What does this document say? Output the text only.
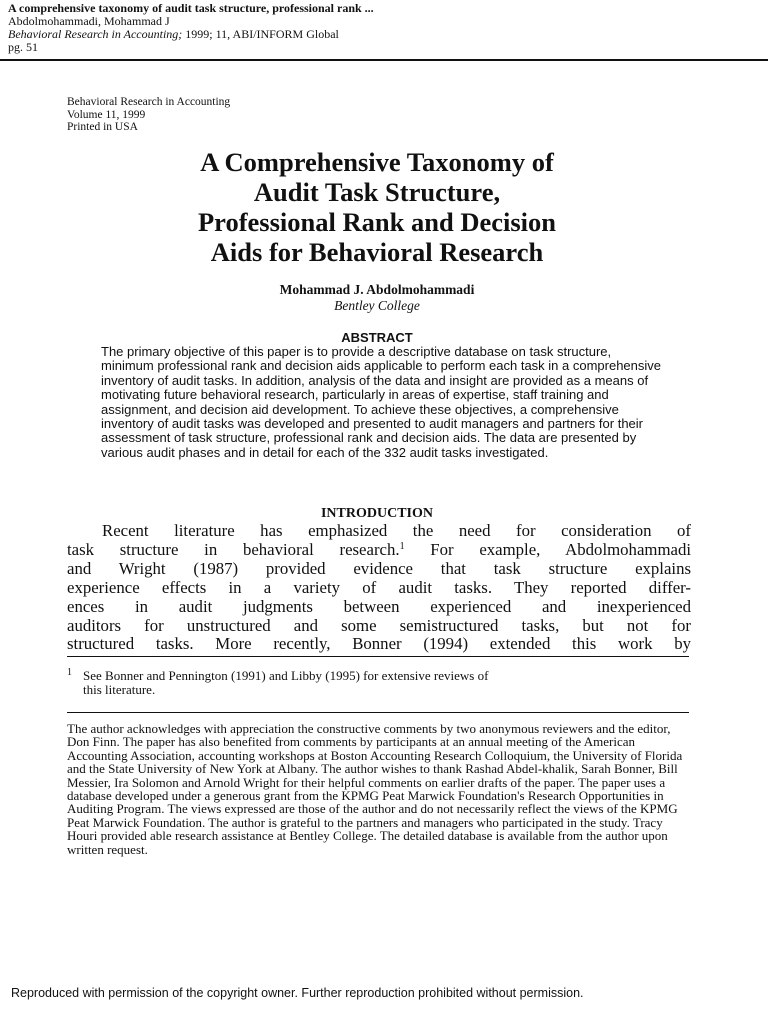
A comprehensive taxonomy of audit task structure, professional rank ...
Abdolmohammadi, Mohammad J
Behavioral Research in Accounting; 1999; 11, ABI/INFORM Global
pg. 51
Behavioral Research in Accounting
Volume 11, 1999
Printed in USA
A Comprehensive Taxonomy of
Audit Task Structure,
Professional Rank and Decision
Aids for Behavioral Research
Mohammad J. Abdolmohammadi
Bentley College
ABSTRACT
The primary objective of this paper is to provide a descriptive database on task structure, minimum professional rank and decision aids applicable to perform each task in a comprehensive inventory of audit tasks. In addition, analysis of the data and insight are provided as a means of motivating future behavioral research, particularly in areas of expertise, staff training and assignment, and decision aid development. To achieve these objectives, a comprehensive inventory of audit tasks was developed and presented to audit managers and partners for their assessment of task structure, professional rank and decision aids. The data are presented by various audit phases and in detail for each of the 332 audit tasks investigated.
INTRODUCTION
Recent literature has emphasized the need for consideration of
task structure in behavioral research.$^1$ For example, Abdolmohammadi
and Wright (1987) provided evidence that task structure explains
experience effects in a variety of audit tasks. They reported differ-
ences in audit judgments between experienced and inexperienced
auditors for unstructured and some semistructured tasks, but not for
structured tasks. More recently, Bonner (1994) extended this work by
1 See Bonner and Pennington (1991) and Libby (1995) for extensive reviews of
this literature.
The author acknowledges with appreciation the constructive comments by two anonymous reviewers and the editor, Don Finn. The paper has also benefited from comments by participants at an annual meeting of the American Accounting Association, accounting workshops at Boston Accounting Research Colloquium, the University of Florida and the State University of New York at Albany. The author wishes to thank Rashad Abdel-khalik, Sarah Bonner, Bill Messier, Ira Solomon and Arnold Wright for their helpful comments on earlier drafts of the paper. The paper uses a database developed under a generous grant from the KPMG Peat Marwick Foundation's Research Opportunities in Auditing Program. The views expressed are those of the author and do not necessarily reflect the views of the KPMG Peat Marwick Foundation. The author is grateful to the partners and managers who participated in the study. Tracy Houri provided able research assistance at Bentley College. The detailed database is available from the author upon written request.
Reproduced with permission of the copyright owner. Further reproduction prohibited without permission.
